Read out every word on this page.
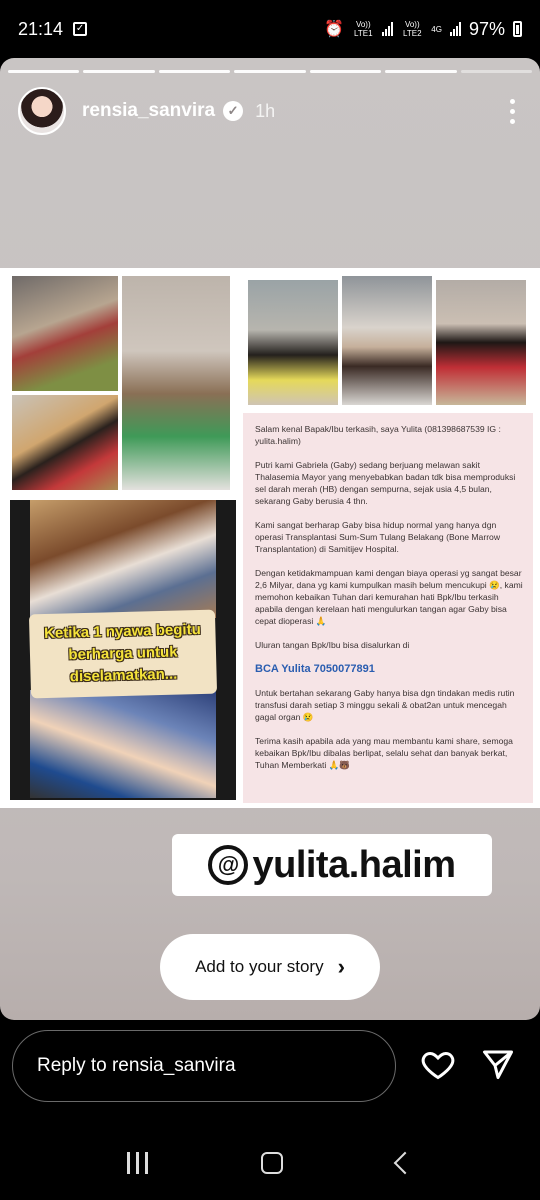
21:14 ✓	⏰	Vo)) LTE1
Vo)) LTE2 4G 97%
rensia_sanvira ✓ 1h
Ketika 1 nyawa begitu berharga untuk diselamatkan...

Salam kenal Bapak/Ibu terkasih, saya Yulita (081398687539 IG : yulita.halim)

Putri kami Gabriela (Gaby) sedang berjuang melawan sakit Thalasemia Mayor yang menyebabkan badan tdk bisa memproduksi sel darah merah (HB) dengan sempurna, sejak usia 4,5 bulan, sekarang Gaby berusia 4 thn.

Kami sangat berharap Gaby bisa hidup normal yang hanya dgn operasi Transplantasi Sum-Sum Tulang Belakang (Bone Marrow Transplantation) di Samitijev Hospital.

Dengan ketidakmampuan kami dengan biaya operasi yg sangat besar 2,6 Milyar, dana yg kami kumpulkan masih belum mencukupi 😢, kami memohon kebaikan Tuhan dari kemurahan hati Bpk/Ibu terkasih apabila dengan kerelaan hati mengulurkan tangan agar Gaby bisa cepat dioperasi 🙏

Uluran tangan Bpk/Ibu bisa disalurkan di

BCA Yulita 7050077891

Untuk bertahan sekarang Gaby hanya bisa dgn tindakan medis rutin transfusi darah setiap 3 minggu sekali & obat2an untuk mencegah gagal organ 😢

Terima kasih apabila ada yang mau membantu kami share, semoga kebaikan Bpk/Ibu dibalas berlipat, selalu sehat dan banyak berkat, Tuhan Memberkati 🙏🐻

@ yulita.halim
Add to your story ›
Reply to rensia_sanvira
